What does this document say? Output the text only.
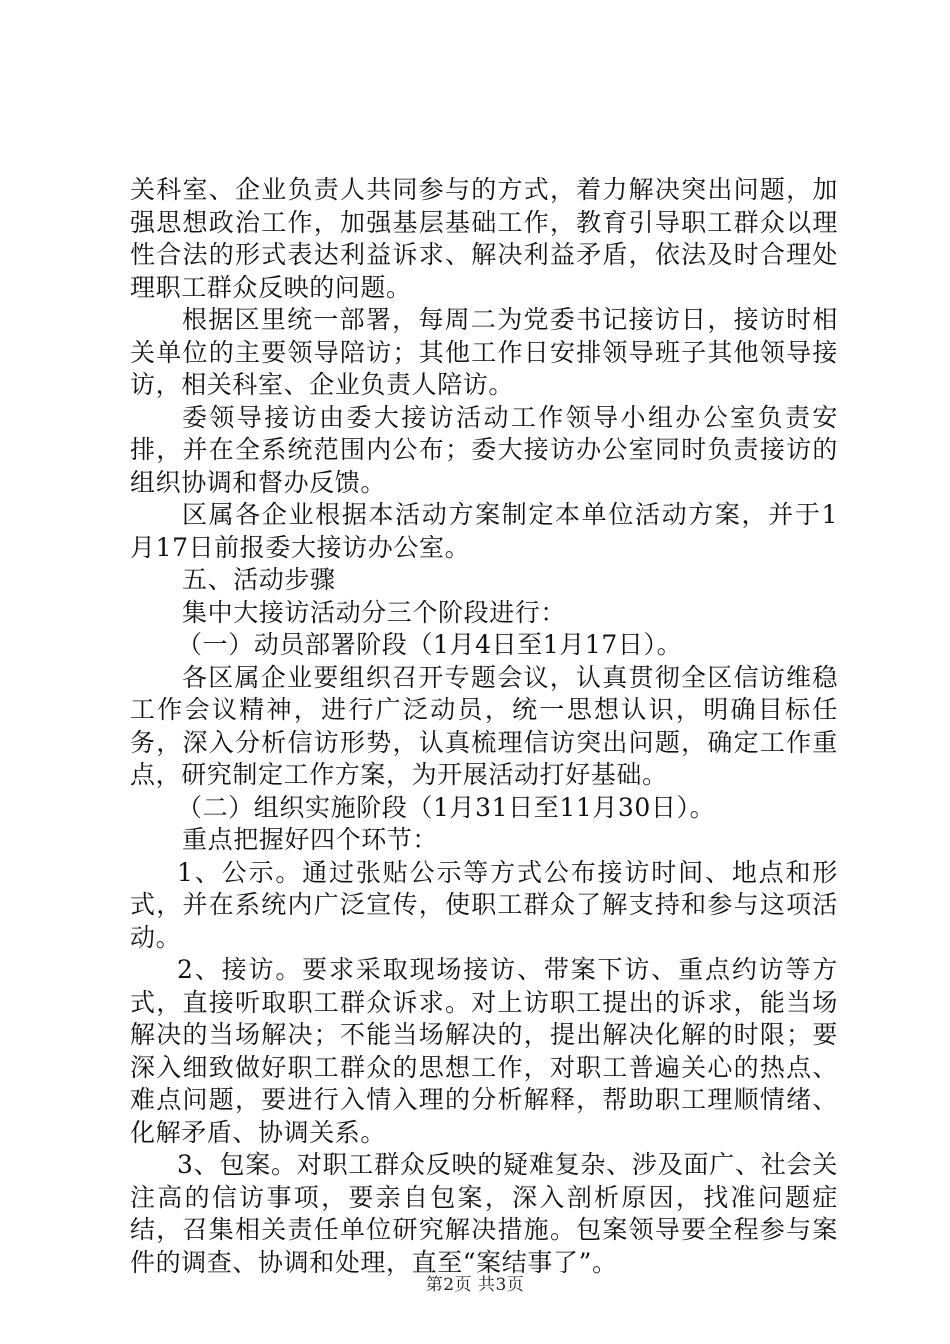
关科室、企业负责人共同参与的方式，着力解决突出问题，加强思想政治工作，加强基层基础工作，教育引导职工群众以理性合法的形式表达利益诉求、解决利益矛盾，依法及时合理处理职工群众反映的问题。

根据区里统一部署，每周二为党委书记接访日，接访时相关单位的主要领导陪访；其他工作日安排领导班子其他领导接访，相关科室、企业负责人陪访。

委领导接访由委大接访活动工作领导小组办公室负责安排，并在全系统范围内公布；委大接访办公室同时负责接访的组织协调和督办反馈。

区属各企业根据本活动方案制定本单位活动方案，并于1月17日前报委大接访办公室。

五、活动步骤

集中大接访活动分三个阶段进行：

（一）动员部署阶段（1月4日至1月17日）。

各区属企业要组织召开专题会议，认真贯彻全区信访维稳工作会议精神，进行广泛动员，统一思想认识，明确目标任务，深入分析信访形势，认真梳理信访突出问题，确定工作重点，研究制定工作方案，为开展活动打好基础。

（二）组织实施阶段（1月31日至11月30日）。

重点把握好四个环节：

1、公示。通过张贴公示等方式公布接访时间、地点和形式，并在系统内广泛宣传，使职工群众了解支持和参与这项活动。

2、接访。要求采取现场接访、带案下访、重点约访等方式，直接听取职工群众诉求。对上访职工提出的诉求，能当场解决的当场解决；不能当场解决的，提出解决化解的时限；要深入细致做好职工群众的思想工作，对职工普遍关心的热点、难点问题，要进行入情入理的分析解释，帮助职工理顺情绪、化解矛盾、协调关系。

3、包案。对职工群众反映的疑难复杂、涉及面广、社会关注高的信访事项，要亲自包案，深入剖析原因，找准问题症结，召集相关责任单位研究解决措施。包案领导要全程参与案件的调查、协调和处理，直至“案结事了”。

第2页 共3页
